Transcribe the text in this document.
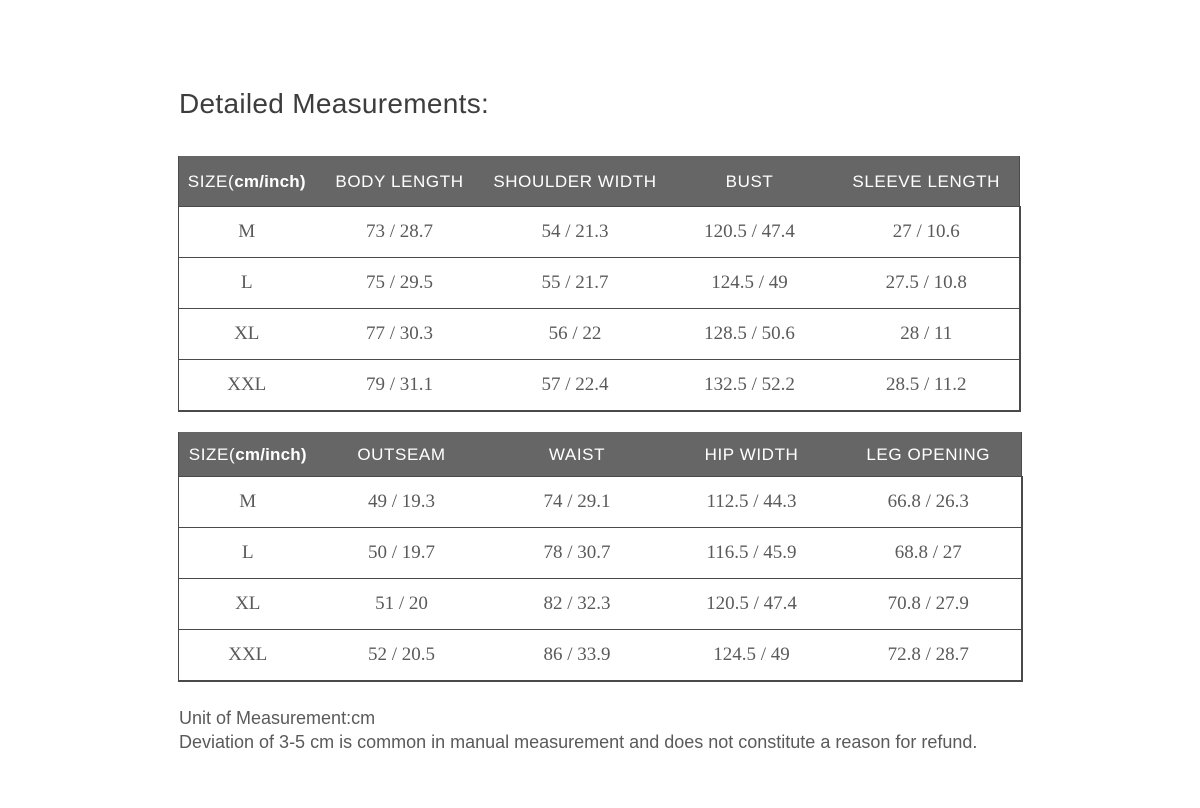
Detailed Measurements:
SIZE(cm/inch)	BODY LENGTH	SHOULDER WIDTH	BUST	SLEEVE LENGTH
M	73 / 28.7	54 / 21.3	120.5 / 47.4	27 / 10.6
L	75 / 29.5	55 / 21.7	124.5 / 49	27.5 / 10.8
XL	77 / 30.3	56 / 22	128.5 / 50.6	28 / 11
XXL	79 / 31.1	57 / 22.4	132.5 / 52.2	28.5 / 11.2
SIZE(cm/inch)	OUTSEAM	WAIST	HIP WIDTH	LEG OPENING
M	49 / 19.3	74 / 29.1	112.5 / 44.3	66.8 / 26.3
L	50 / 19.7	78 / 30.7	116.5 / 45.9	68.8 / 27
XL	51 / 20	82 / 32.3	120.5 / 47.4	70.8 / 27.9
XXL	52 / 20.5	86 / 33.9	124.5 / 49	72.8 / 28.7
Unit of Measurement:cm
Deviation of 3-5 cm is common in manual measurement and does not constitute a reason for refund.
